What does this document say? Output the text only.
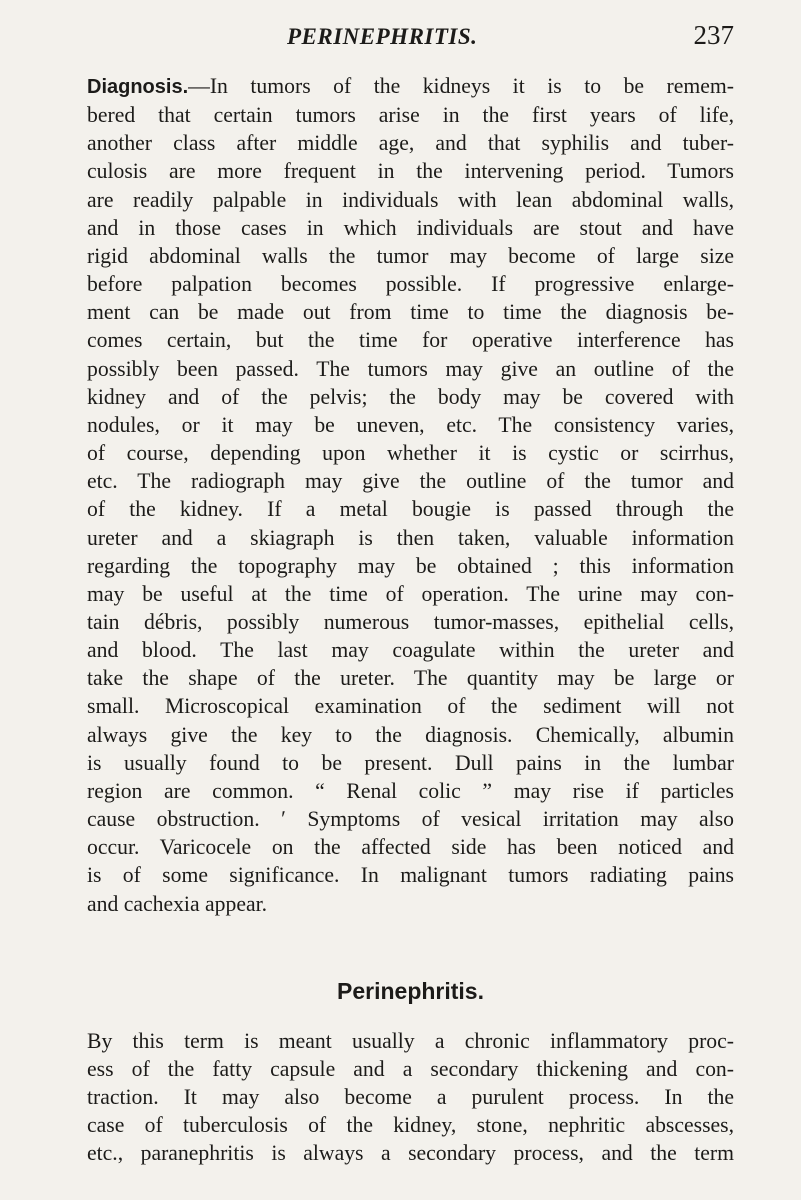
PERINEPHRITIS.	237

Diagnosis.—In tumors of the kidneys it is to be remem-
bered that certain tumors arise in the first years of life,
another class after middle age, and that syphilis and tuber-
culosis are more frequent in the intervening period. Tumors
are readily palpable in individuals with lean abdominal walls,
and in those cases in which individuals are stout and have
rigid abdominal walls the tumor may become of large size
before palpation becomes possible. If progressive enlarge-
ment can be made out from time to time the diagnosis be-
comes certain, but the time for operative interference has
possibly been passed. The tumors may give an outline of the
kidney and of the pelvis; the body may be covered with
nodules, or it may be uneven, etc. The consistency varies,
of course, depending upon whether it is cystic or scirrhus,
etc. The radiograph may give the outline of the tumor and
of the kidney. If a metal bougie is passed through the
ureter and a skiagraph is then taken, valuable information
regarding the topography may be obtained ; this information
may be useful at the time of operation. The urine may con-
tain débris, possibly numerous tumor-masses, epithelial cells,
and blood. The last may coagulate within the ureter and
take the shape of the ureter. The quantity may be large or
small. Microscopical examination of the sediment will not
always give the key to the diagnosis. Chemically, albumin
is usually found to be present. Dull pains in the lumbar
region are common. “ Renal colic ” may rise if particles
cause obstruction. ʹ Symptoms of vesical irritation may also
occur. Varicocele on the affected side has been noticed and
is of some significance. In malignant tumors radiating pains
and cachexia appear.

Perinephritis.

By this term is meant usually a chronic inflammatory proc-
ess of the fatty capsule and a secondary thickening and con-
traction. It may also become a purulent process. In the
case of tuberculosis of the kidney, stone, nephritic abscesses,
etc., paranephritis is always a secondary process, and the term
